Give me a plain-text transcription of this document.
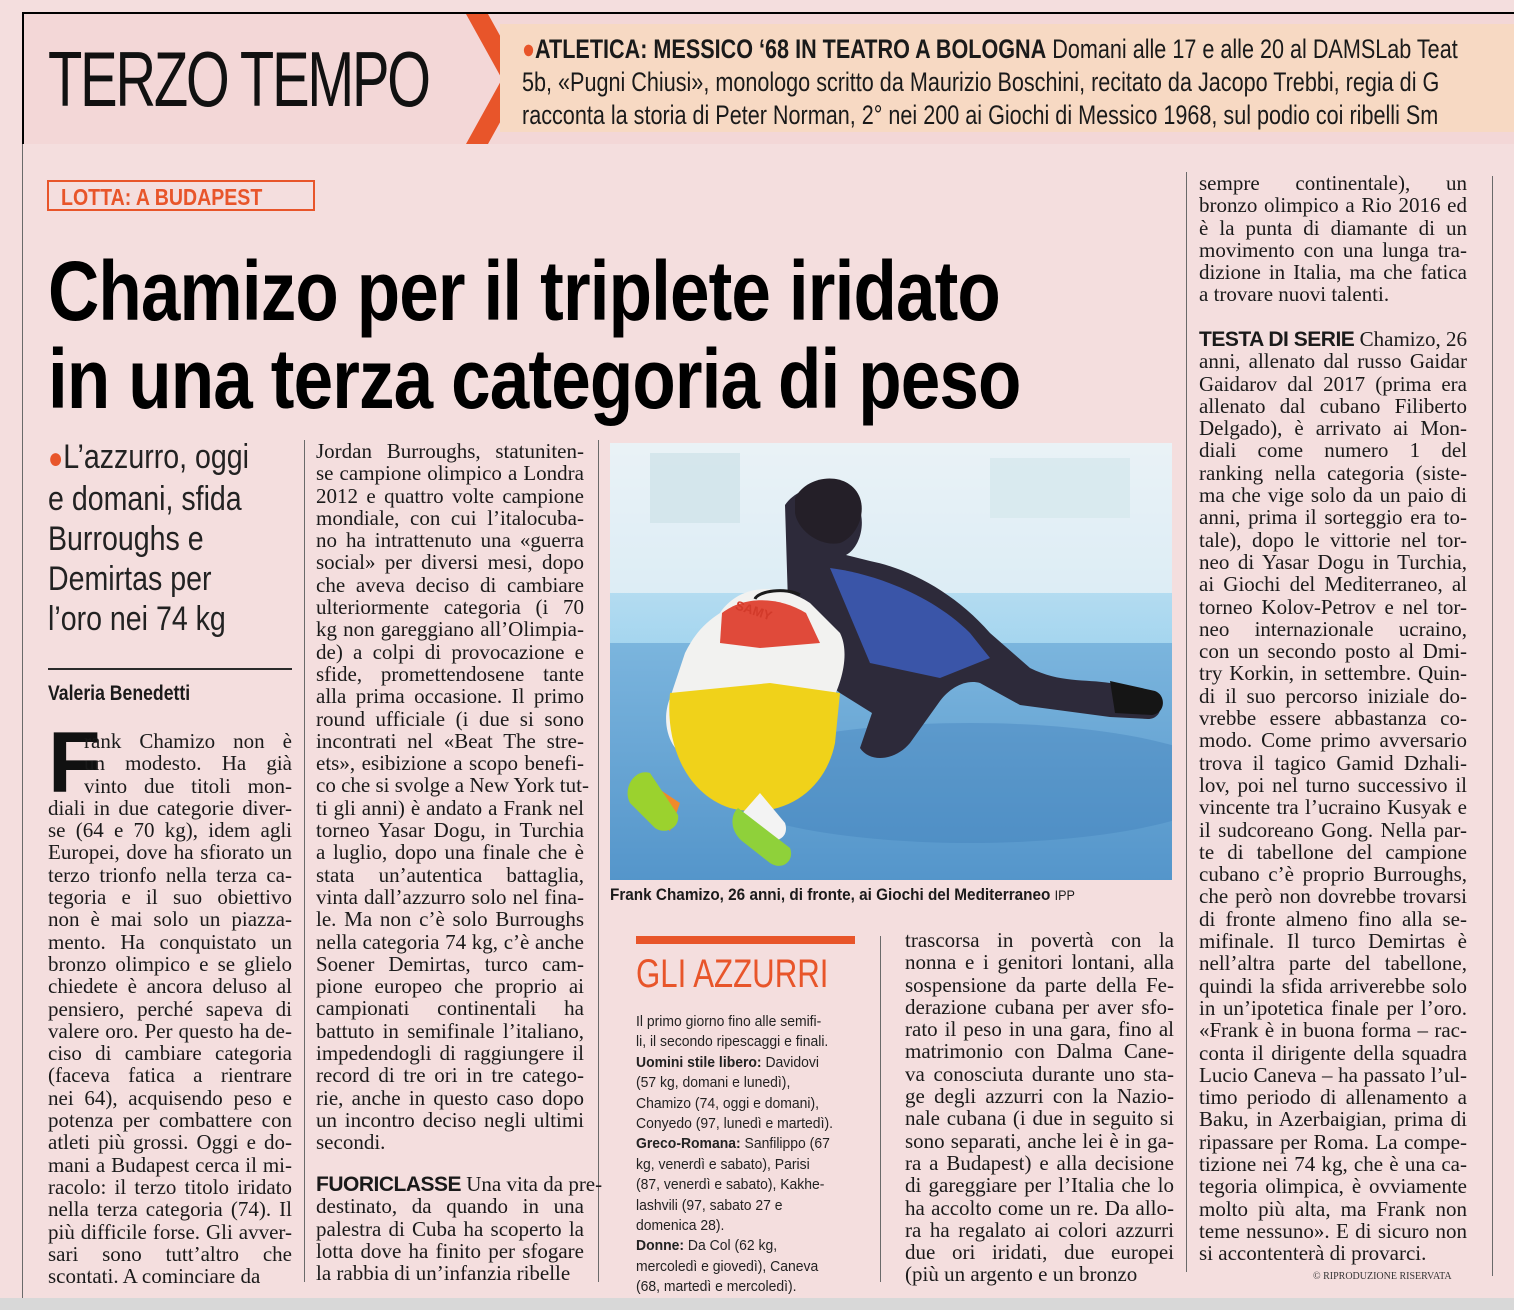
TERZO TEMPO	●ATLETICA: MESSICO ‘68 IN TEATRO A BOLOGNA Domani alle 17 e alle 20 al DAMSLab Teat
5b, «Pugni Chiusi», monologo scritto da Maurizio Boschini, recitato da Jacopo Trebbi, regia di G
racconta la storia di Peter Norman, 2° nei 200 ai Giochi di Messico 1968, sul podio coi ribelli Sm
LOTTA: A BUDAPEST
Chamizo per il triplete iridato
in una terza categoria di peso
●L’azzurro, oggi
e domani, sfida
Burroughs e
Demirtas per
l’oro nei 74 kg
Valeria Benedetti
F
rank Chamizo non è
un modesto. Ha già
vinto due titoli mon-
diali in due categorie diver-
se (64 e 70 kg), idem agli
Europei, dove ha sfiorato un
terzo trionfo nella terza ca-
tegoria e il suo obiettivo
non è mai solo un piazza-
mento. Ha conquistato un
bronzo olimpico e se glielo
chiedete è ancora deluso al
pensiero, perché sapeva di
valere oro. Per questo ha de-
ciso di cambiare categoria
(faceva fatica a rientrare
nei 64), acquisendo peso e
potenza per combattere con
atleti più grossi. Oggi e do-
mani a Budapest cerca il mi-
racolo: il terzo titolo iridato
nella terza categoria (74). Il
più difficile forse. Gli avver-
sari sono tutt’altro che
scontati. A cominciare da
Jordan Burroughs, statuniten-
se campione olimpico a Londra
2012 e quattro volte campione
mondiale, con cui l’italocuba-
no ha intrattenuto una «guerra
social» per diversi mesi, dopo
che aveva deciso di cambiare
ulteriormente categoria (i 70
kg non gareggiano all’Olimpia-
de) a colpi di provocazione e
sfide, promettendosene tante
alla prima occasione. Il primo
round ufficiale (i due si sono
incontrati nel «Beat The stre-
ets», esibizione a scopo benefi-
co che si svolge a New York tut-
ti gli anni) è andato a Frank nel
torneo Yasar Dogu, in Turchia
a luglio, dopo una finale che è
stata un’autentica battaglia,
vinta dall’azzurro solo nel fina-
le. Ma non c’è solo Burroughs
nella categoria 74 kg, c’è anche
Soener Demirtas, turco cam-
pione europeo che proprio ai
campionati continentali ha
battuto in semifinale l’italiano,
impedendogli di raggiungere il
record di tre ori in tre catego-
rie, anche in questo caso dopo
un incontro deciso negli ultimi
secondi.
FUORICLASSE Una vita da pre-
destinato, da quando in una
palestra di Cuba ha scoperto la
lotta dove ha finito per sfogare
la rabbia di un’infanzia ribelle
SAMY
Frank Chamizo, 26 anni, di fronte, ai Giochi del Mediterraneo IPP
GLI AZZURRI
Il primo giorno fino alle semifi-
li, il secondo ripescaggi e finali.
Uomini stile libero: Davidovi
(57 kg, domani e lunedì),
Chamizo (74, oggi e domani),
Conyedo (97, lunedì e martedì).
Greco-Romana: Sanfilippo (67
kg, venerdì e sabato), Parisi
(87, venerdì e sabato), Kakhe-
lashvili (97, sabato 27 e
domenica 28).
Donne: Da Col (62 kg,
mercoledì e giovedì), Caneva
(68, martedì e mercoledì).
trascorsa in povertà con la
nonna e i genitori lontani, alla
sospensione da parte della Fe-
derazione cubana per aver sfo-
rato il peso in una gara, fino al
matrimonio con Dalma Cane-
va conosciuta durante uno sta-
ge degli azzurri con la Nazio-
nale cubana (i due in seguito si
sono separati, anche lei è in ga-
ra a Budapest) e alla decisione
di gareggiare per l’Italia che lo
ha accolto come un re. Da allo-
ra ha regalato ai colori azzurri
due ori iridati, due europei
(più un argento e un bronzo
sempre continentale), un
bronzo olimpico a Rio 2016 ed
è la punta di diamante di un
movimento con una lunga tra-
dizione in Italia, ma che fatica
a trovare nuovi talenti.
TESTA DI SERIE Chamizo, 26
anni, allenato dal russo Gaidar
Gaidarov dal 2017 (prima era
allenato dal cubano Filiberto
Delgado), è arrivato ai Mon-
diali come numero 1 del
ranking nella categoria (siste-
ma che vige solo da un paio di
anni, prima il sorteggio era to-
tale), dopo le vittorie nel tor-
neo di Yasar Dogu in Turchia,
ai Giochi del Mediterraneo, al
torneo Kolov-Petrov e nel tor-
neo internazionale ucraino,
con un secondo posto al Dmi-
try Korkin, in settembre. Quin-
di il suo percorso iniziale do-
vrebbe essere abbastanza co-
modo. Come primo avversario
trova il tagico Gamid Dzhali-
lov, poi nel turno successivo il
vincente tra l’ucraino Kusyak e
il sudcoreano Gong. Nella par-
te di tabellone del campione
cubano c’è proprio Burroughs,
che però non dovrebbe trovarsi
di fronte almeno fino alla se-
mifinale. Il turco Demirtas è
nell’altra parte del tabellone,
quindi la sfida arriverebbe solo
in un’ipotetica finale per l’oro.
«Frank è in buona forma – rac-
conta il dirigente della squadra
Lucio Caneva – ha passato l’ul-
timo periodo di allenamento a
Baku, in Azerbaigian, prima di
ripassare per Roma. La compe-
tizione nei 74 kg, che è una ca-
tegoria olimpica, è ovviamente
molto più alta, ma Frank non
teme nessuno». E di sicuro non
si accontenterà di provarci.
© RIPRODUZIONE RISERVATA
